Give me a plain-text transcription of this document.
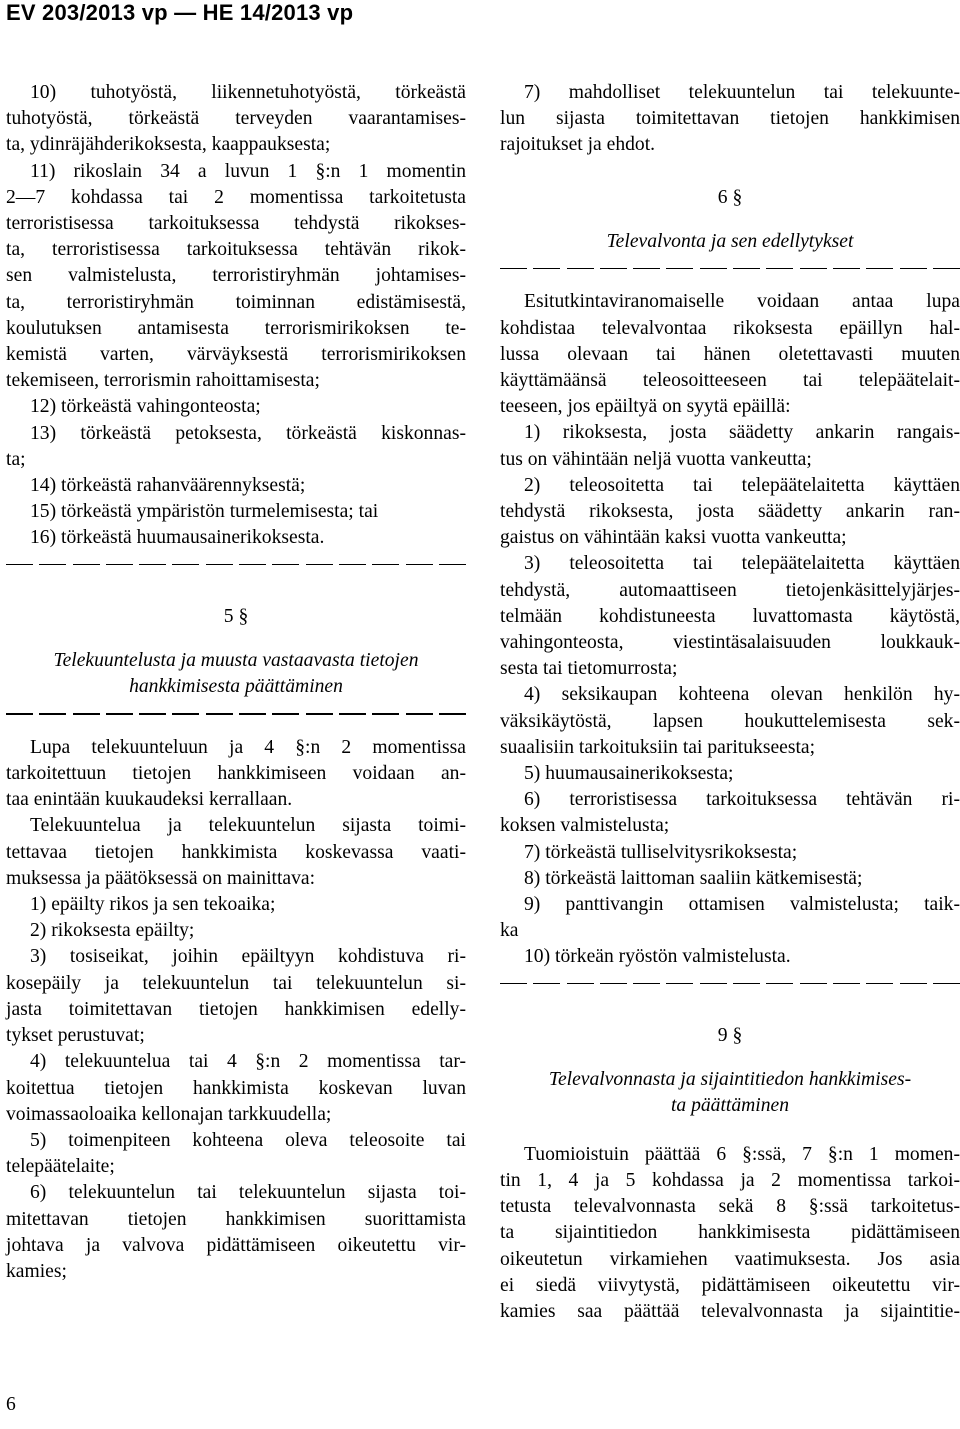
EV 203/2013 vp — HE 14/2013 vp
10) tuhotyöstä, liikennetuhotyöstä, törkeästä
tuhotyöstä, törkeästä terveyden vaarantamises-
ta, ydinräjähderikoksesta, kaappauksesta;
11) rikoslain 34 a luvun 1 §:n 1 momentin
2—7 kohdassa tai 2 momentissa tarkoitetusta
terroristisessa tarkoituksessa tehdystä rikokses-
ta, terroristisessa tarkoituksessa tehtävän rikok-
sen valmistelusta, terroristiryhmän johtamises-
ta, terroristiryhmän toiminnan edistämisestä,
koulutuksen antamisesta terrorismirikoksen te-
kemistä varten, värväyksestä terrorismirikoksen
tekemiseen, terrorismin rahoittamisesta;
12) törkeästä vahingonteosta;
13) törkeästä petoksesta, törkeästä kiskonnas-
ta;
14) törkeästä rahanväärennyksestä;
15) törkeästä ympäristön turmelemisesta; tai
16) törkeästä huumausainerikoksesta.
5 §
Telekuuntelusta ja muusta vastaavasta tietojen
hankkimisesta päättäminen
Lupa telekuunteluun ja 4 §:n 2 momentissa
tarkoitettuun tietojen hankkimiseen voidaan an-
taa enintään kuukaudeksi kerrallaan.
Telekuuntelua ja telekuuntelun sijasta toimi-
tettavaa tietojen hankkimista koskevassa vaati-
muksessa ja päätöksessä on mainittava:
1) epäilty rikos ja sen tekoaika;
2) rikoksesta epäilty;
3) tosiseikat, joihin epäiltyyn kohdistuva ri-
kosepäily ja telekuuntelun tai telekuuntelun si-
jasta toimitettavan tietojen hankkimisen edelly-
tykset perustuvat;
4) telekuuntelua tai 4 §:n 2 momentissa tar-
koitettua tietojen hankkimista koskevan luvan
voimassaoloaika kellonajan tarkkuudella;
5) toimenpiteen kohteena oleva teleosoite tai
telepäätelaite;
6) telekuuntelun tai telekuuntelun sijasta toi-
mitettavan tietojen hankkimisen suorittamista
johtava ja valvova pidättämiseen oikeutettu vir-
kamies;
7) mahdolliset telekuuntelun tai telekuunte-
lun sijasta toimitettavan tietojen hankkimisen
rajoitukset ja ehdot.
6 §
Televalvonta ja sen edellytykset
Esitutkintaviranomaiselle voidaan antaa lupa
kohdistaa televalvontaa rikoksesta epäillyn hal-
lussa olevaan tai hänen oletettavasti muuten
käyttämäänsä teleosoitteeseen tai telepäätelait-
teeseen, jos epäiltyä on syytä epäillä:
1) rikoksesta, josta säädetty ankarin rangais-
tus on vähintään neljä vuotta vankeutta;
2) teleosoitetta tai telepäätelaitetta käyttäen
tehdystä rikoksesta, josta säädetty ankarin ran-
gaistus on vähintään kaksi vuotta vankeutta;
3) teleosoitetta tai telepäätelaitetta käyttäen
tehdystä, automaattiseen tietojenkäsittelyjärjes-
telmään kohdistuneesta luvattomasta käytöstä,
vahingonteosta, viestintäsalaisuuden loukkauk-
sesta tai tietomurrosta;
4) seksikaupan kohteena olevan henkilön hy-
väksikäytöstä, lapsen houkuttelemisesta sek-
suaalisiin tarkoituksiin tai paritukseesta;
5) huumausainerikoksesta;
6) terroristisessa tarkoituksessa tehtävän ri-
koksen valmistelusta;
7) törkeästä tulliselvitysrikoksesta;
8) törkeästä laittoman saaliin kätkemisestä;
9) panttivangin ottamisen valmistelusta; taik-
ka
10) törkeän ryöstön valmistelusta.
9 §
Televalvonnasta ja sijaintitiedon hankkimises-
ta päättäminen
Tuomioistuin päättää 6 §:ssä, 7 §:n 1 momen-
tin 1, 4 ja 5 kohdassa ja 2 momentissa tarkoi-
tetusta televalvonnasta sekä 8 §:ssä tarkoitetus-
ta sijaintitiedon hankkimisesta pidättämiseen
oikeutetun virkamiehen vaatimuksesta. Jos asia
ei siedä viivytystä, pidättämiseen oikeutettu vir-
kamies saa päättää televalvonnasta ja sijaintitie-
6
